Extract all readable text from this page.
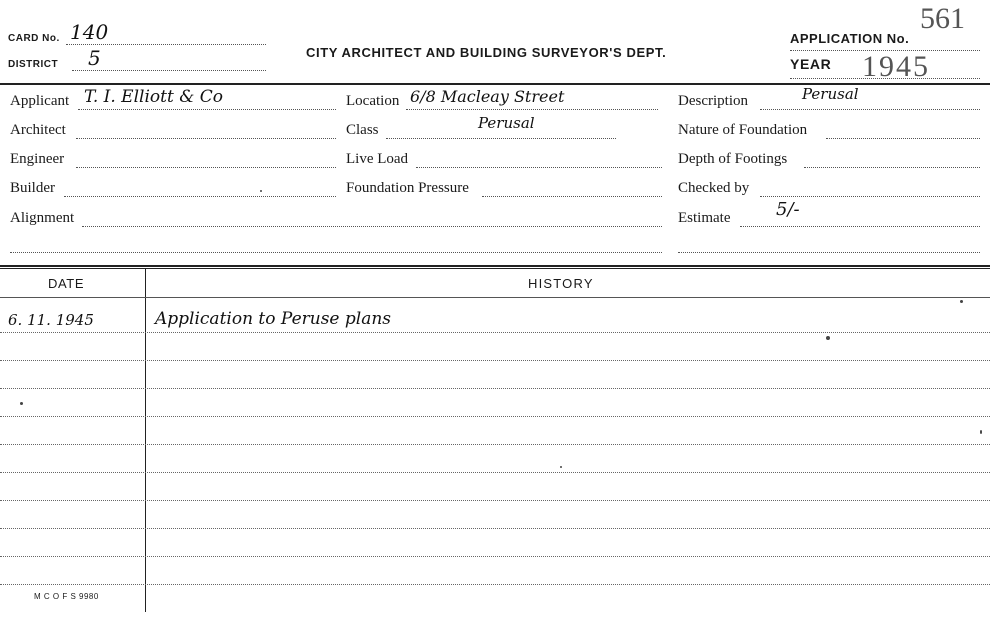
CARD No. 140
DISTRICT 5	CITY ARCHITECT AND BUILDING SURVEYOR'S DEPT.
APPLICATION No.
561
YEAR 1945
Applicant T. I. Elliott & Co
Architect
Engineer
Builder
Alignment
Location 6/8 Macleay Street
Class	Perusal
Live Load
Foundation Pressure
Description	Perusal
Nature of Foundation
Depth of Footings
Checked by
Estimate	5/-
DATE	HISTORY
6. 11. 1945	Application to Peruse plans
M C O F S 9980
